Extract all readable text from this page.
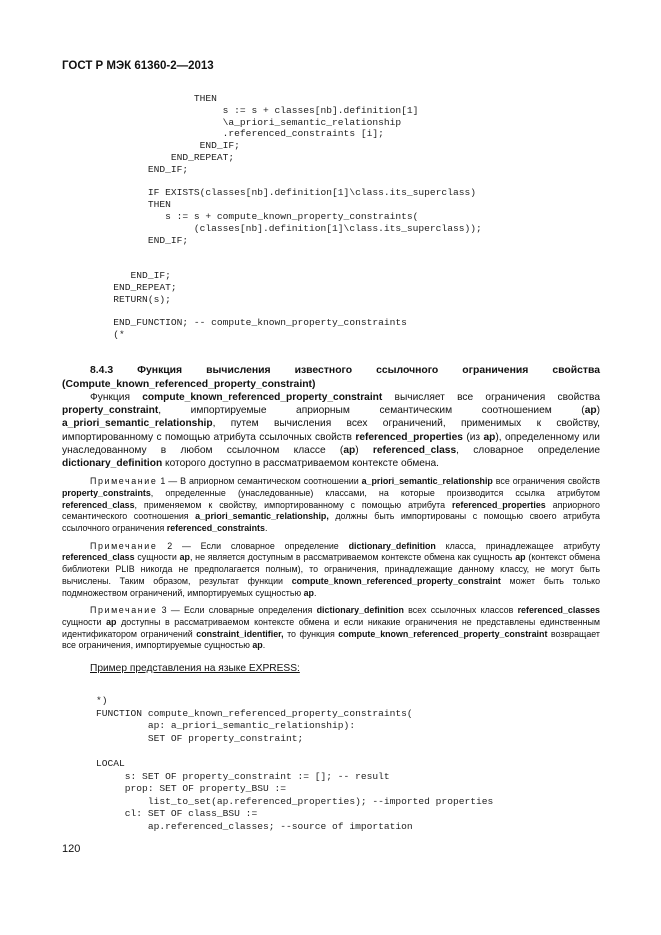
ГОСТ Р МЭК 61360-2—2013
THEN
s := s + classes[nb].definition[1]
\a_priori_semantic_relationship
.referenced_constraints [i];
END_IF;
END_REPEAT;
END_IF;

IF EXISTS(classes[nb].definition[1]\class.its_superclass)
THEN
s := s + compute_known_property_constraints(
(classes[nb].definition[1]\class.its_superclass));
END_IF;

END_IF;
END_REPEAT;
RETURN(s);

END_FUNCTION; -- compute_known_property_constraints
(*

8.4.3 Функция вычисления известного ссылочного ограничения свойства (Compute_known_referenced_property_constraint)

Функция compute_known_referenced_property_constraint вычисляет все ограничения свойства property_constraint, импортируемые априорным семантическим соотношением (ap) a_priori_semantic_relationship, путем вычисления всех ограничений, применимых к свойству, импортированному с помощью атрибута ссылочных свойств referenced_properties (из ap), определенному или унаследованному в любом ссылочном классе (ap) referenced_class, словарное определение dictionary_definition которого доступно в рассматриваемом контексте обмена.

Примечание 1 — В априорном семантическом соотношении a_priori_semantic_relationship все ограничения свойств property_constraints, определенные (унаследованные) классами, на которые производится ссылка атрибутом referenced_class, применяемом к свойству, импортированному с помощью атрибута referenced_properties априорного семантического соотношения a_priori_semantic_relationship, должны быть импортированы с помощью своего атрибута ссылочного ограничения referenced_constraints.

Примечание 2 — Если словарное определение dictionary_definition класса, принадлежащее атрибуту referenced_class сущности ap, не является доступным в рассматриваемом контексте обмена как сущность ap (контекст обмена библиотеки PLIB никогда не предполагается полным), то ограничения, принадлежащие данному классу, не могут быть вычислены. Таким образом, результат функции compute_known_referenced_property_constraint может быть только подмножеством ограничений, импортируемых сущностью ap.

Примечание 3 — Если словарные определения dictionary_definition всех ссылочных классов referenced_classes сущности ap доступны в рассматриваемом контексте обмена и если никакие ограничения не представлены единственным идентификатором ограничений constraint_identifier, то функция compute_known_referenced_property_constraint возвращает все ограничения, импортируемые сущностью ap.

Пример представления на языке EXPRESS:
*)
FUNCTION compute_known_referenced_property_constraints(
ap: a_priori_semantic_relationship):
SET OF property_constraint;

LOCAL
s: SET OF property_constraint := []; -- result
prop: SET OF property_BSU :=
list_to_set(ap.referenced_properties); --imported properties
cl: SET OF class_BSU :=
ap.referenced_classes; --source of importation
120
